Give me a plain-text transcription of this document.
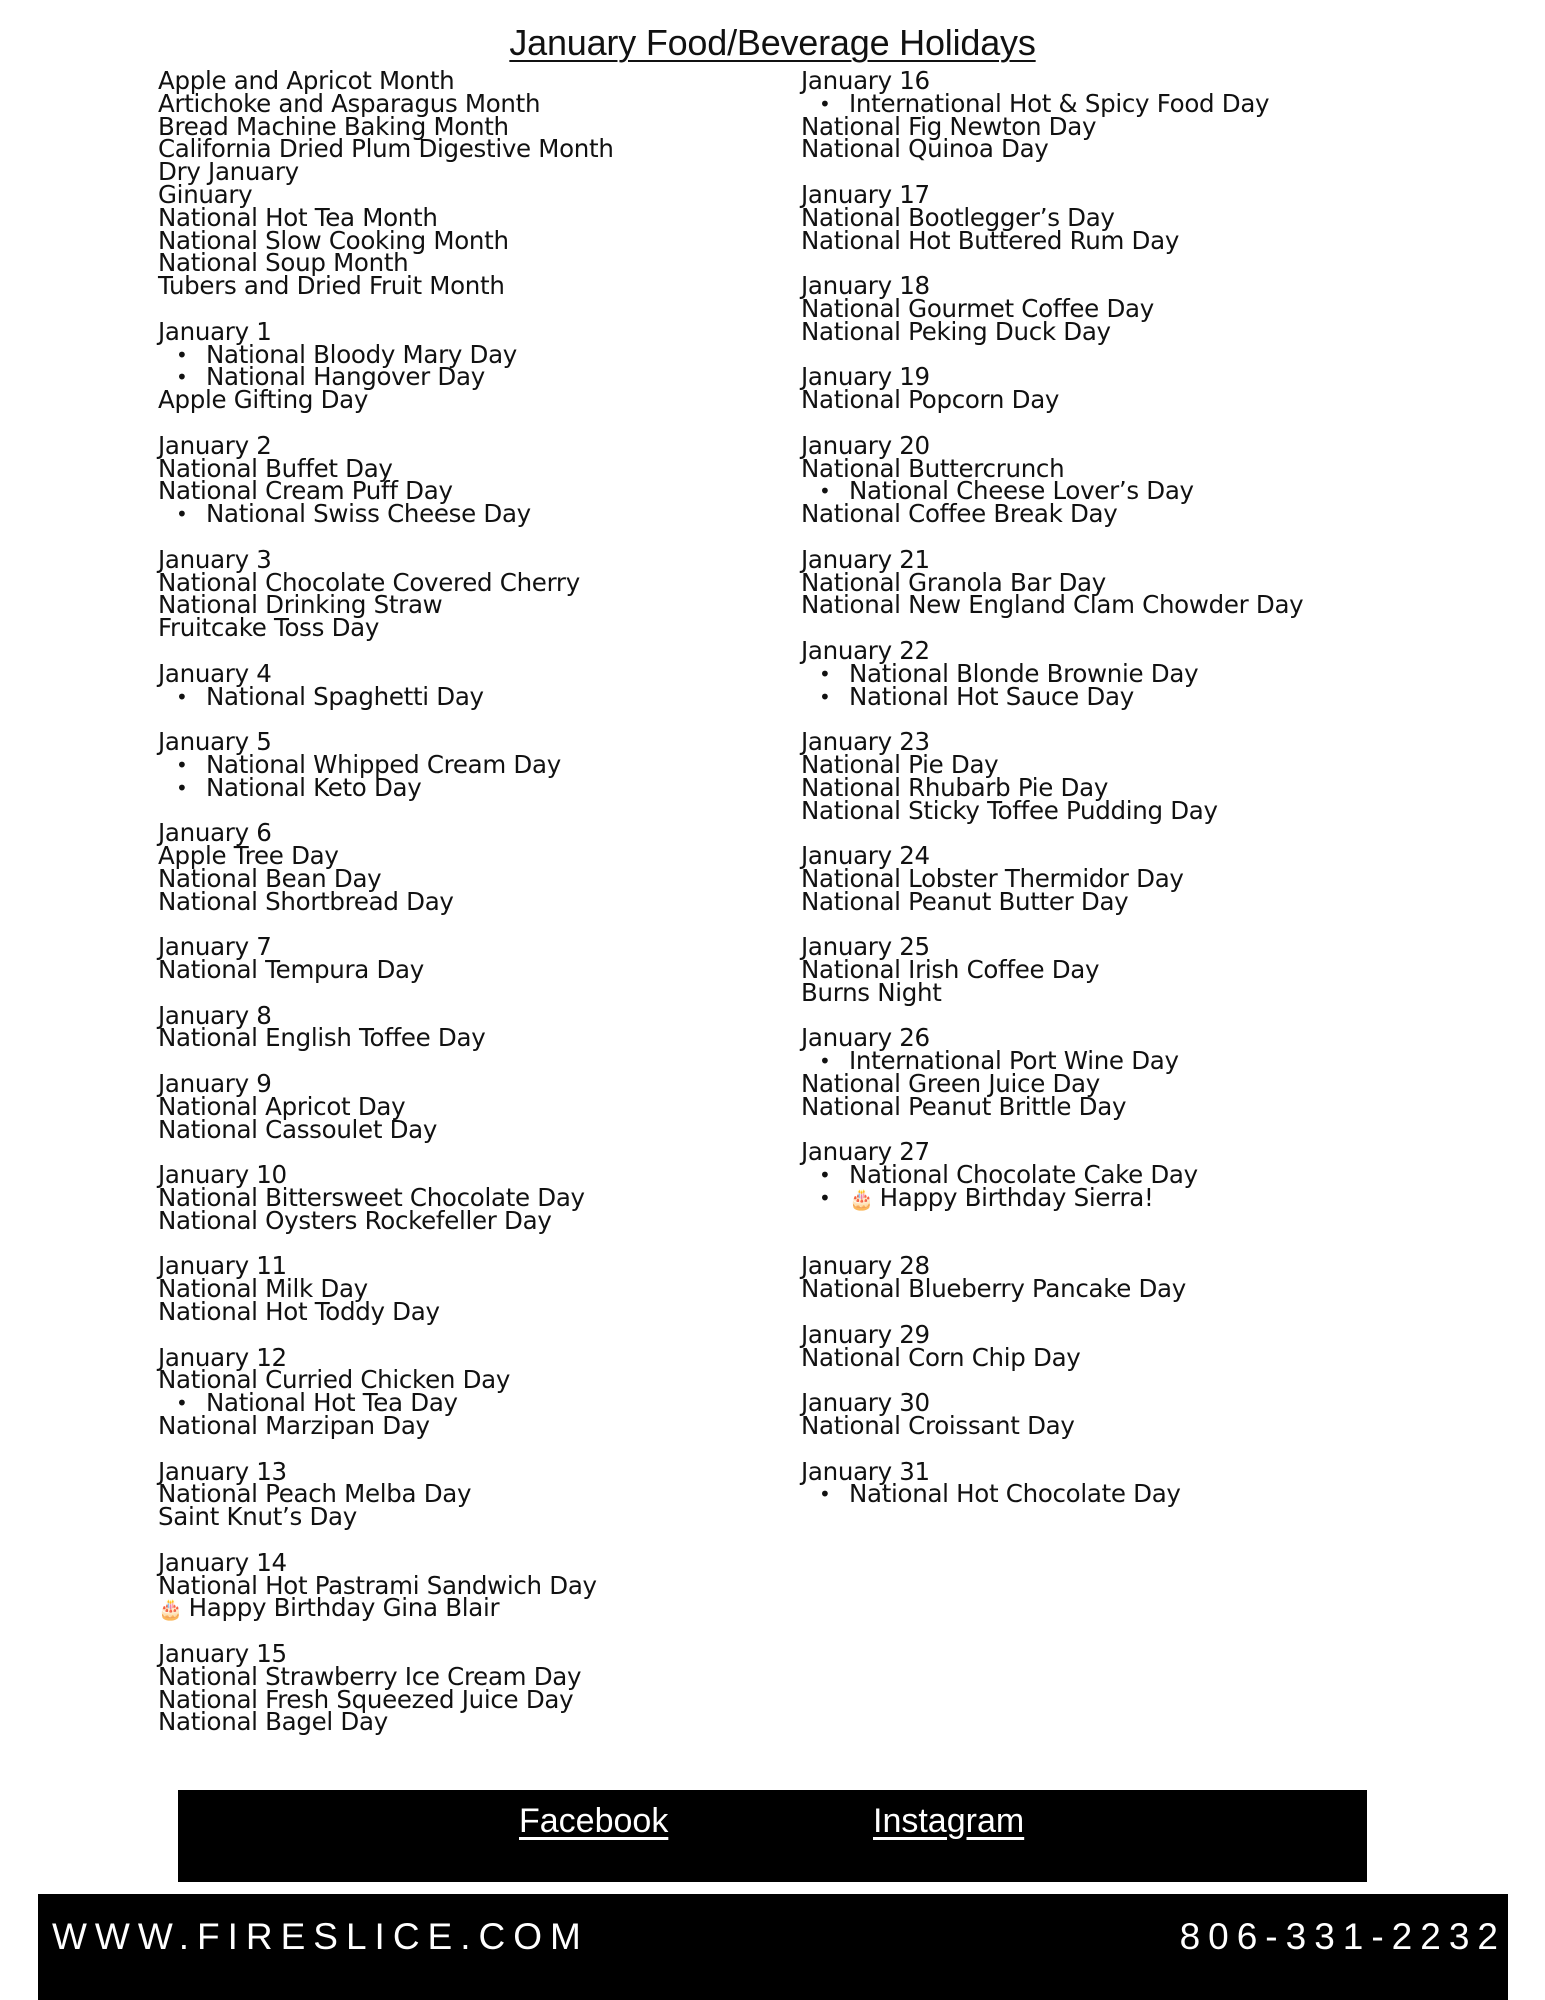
January Food/Beverage Holidays
Apple and Apricot Month
Artichoke and Asparagus Month
Bread Machine Baking Month
California Dried Plum Digestive Month
Dry January
Ginuary
National Hot Tea Month
National Slow Cooking Month
National Soup Month
Tubers and Dried Fruit Month
January 1
• National Bloody Mary Day
• National Hangover Day
Apple Gifting Day
January 2
National Buffet Day
National Cream Puff Day
• National Swiss Cheese Day
January 3
National Chocolate Covered Cherry
National Drinking Straw
Fruitcake Toss Day
January 4
• National Spaghetti Day
January 5
• National Whipped Cream Day
• National Keto Day
January 6
Apple Tree Day
National Bean Day
National Shortbread Day
January 7
National Tempura Day
January 8
National English Toffee Day
January 9
National Apricot Day
National Cassoulet Day
January 10
National Bittersweet Chocolate Day
National Oysters Rockefeller Day
January 11
National Milk Day
National Hot Toddy Day
January 12
National Curried Chicken Day
• National Hot Tea Day
National Marzipan Day
January 13
National Peach Melba Day
Saint Knut’s Day
January 14
National Hot Pastrami Sandwich Day
🎂 Happy Birthday Gina Blair
January 15
National Strawberry Ice Cream Day
National Fresh Squeezed Juice Day
National Bagel Day
January 16
• International Hot & Spicy Food Day
National Fig Newton Day
National Quinoa Day
January 17
National Bootlegger’s Day
National Hot Buttered Rum Day
January 18
National Gourmet Coffee Day
National Peking Duck Day
January 19
National Popcorn Day
January 20
National Buttercrunch
• National Cheese Lover’s Day
National Coffee Break Day
January 21
National Granola Bar Day
National New England Clam Chowder Day
January 22
• National Blonde Brownie Day
• National Hot Sauce Day
January 23
National Pie Day
National Rhubarb Pie Day
National Sticky Toffee Pudding Day
January 24
National Lobster Thermidor Day
National Peanut Butter Day
January 25
National Irish Coffee Day
Burns Night
January 26
• International Port Wine Day
National Green Juice Day
National Peanut Brittle Day
January 27
• National Chocolate Cake Day
• 🎂 Happy Birthday Sierra!
January 28
National Blueberry Pancake Day
January 29
National Corn Chip Day
January 30
National Croissant Day
January 31
• National Hot Chocolate Day
Facebook	Instagram
WWW.FIRESLICE.COM	806-331-2232
